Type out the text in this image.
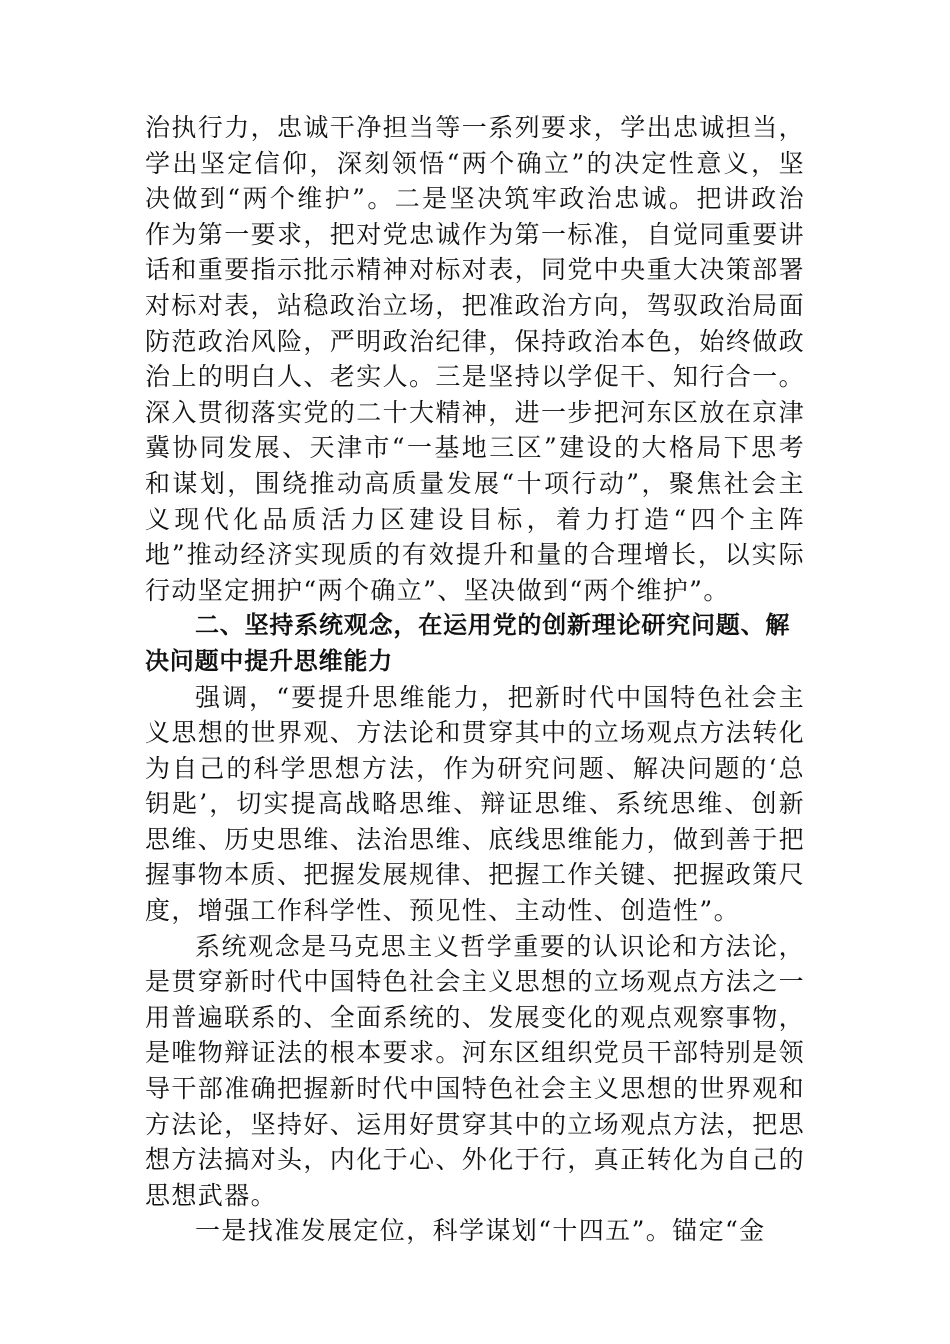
治执行力，忠诚干净担当等一系列要求，学出忠诚担当，学出坚定信仰，深刻领悟“两个确立”的决定性意义，坚决做到“两个维护”。二是坚决筑牢政治忠诚。把讲政治作为第一要求，把对党忠诚作为第一标准，自觉同重要讲话和重要指示批示精神对标对表，同党中央重大决策部署对标对表，站稳政治立场，把准政治方向，驾驭政治局面防范政治风险，严明政治纪律，保持政治本色，始终做政治上的明白人、老实人。三是坚持以学促干、知行合一。深入贯彻落实党的二十大精神，进一步把河东区放在京津冀协同发展、天津市“一基地三区”建设的大格局下思考和谋划，围绕推动高质量发展“十项行动”，聚焦社会主义现代化品质活力区建设目标，着力打造“四个主阵地”推动经济实现质的有效提升和量的合理增长，以实际行动坚定拥护“两个确立”、坚决做到“两个维护”。

二、坚持系统观念，在运用党的创新理论研究问题、解决问题中提升思维能力

强调，“要提升思维能力，把新时代中国特色社会主义思想的世界观、方法论和贯穿其中的立场观点方法转化为自己的科学思想方法，作为研究问题、解决问题的‘总钥匙’，切实提高战略思维、辩证思维、系统思维、创新思维、历史思维、法治思维、底线思维能力，做到善于把握事物本质、把握发展规律、把握工作关键、把握政策尺度，增强工作科学性、预见性、主动性、创造性”。

系统观念是马克思主义哲学重要的认识论和方法论，是贯穿新时代中国特色社会主义思想的立场观点方法之一用普遍联系的、全面系统的、发展变化的观点观察事物，是唯物辩证法的根本要求。河东区组织党员干部特别是领导干部准确把握新时代中国特色社会主义思想的世界观和方法论，坚持好、运用好贯穿其中的立场观点方法，把思想方法搞对头，内化于心、外化于行，真正转化为自己的思想武器。

一是找准发展定位，科学谋划“十四五”。锚定“金
